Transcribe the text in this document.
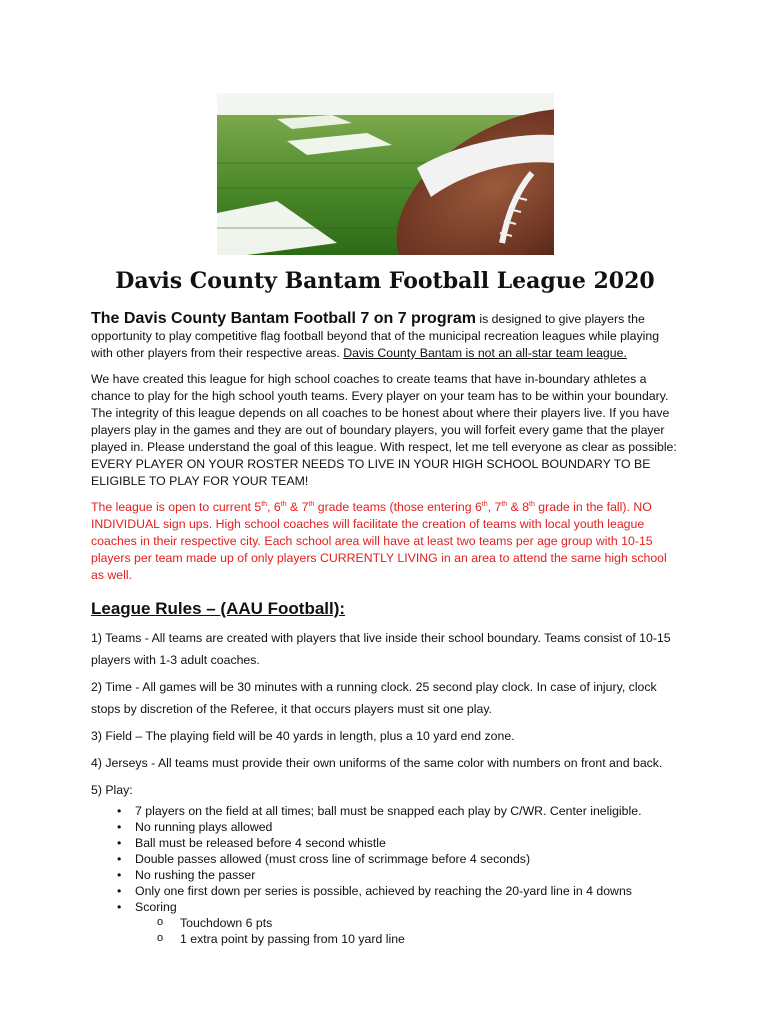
Davis County Bantam Football League 2020

The Davis County Bantam Football 7 on 7 program is designed to give players the opportunity to play competitive flag football beyond that of the municipal recreation leagues while playing with other players from their respective areas. Davis County Bantam is not an all-star team league.

We have created this league for high school coaches to create teams that have in-boundary athletes a chance to play for the high school youth teams. Every player on your team has to be within your boundary. The integrity of this league depends on all coaches to be honest about where their players live. If you have players play in the games and they are out of boundary players, you will forfeit every game that the player played in. Please understand the goal of this league. With respect, let me tell everyone as clear as possible: EVERY PLAYER ON YOUR ROSTER NEEDS TO LIVE IN YOUR HIGH SCHOOL BOUNDARY TO BE ELIGIBLE TO PLAY FOR YOUR TEAM!

The league is open to current 5th, 6th & 7th grade teams (those entering 6th, 7th & 8th grade in the fall). NO INDIVIDUAL sign ups. High school coaches will facilitate the creation of teams with local youth league coaches in their respective city. Each school area will have at least two teams per age group with 10-15 players per team made up of only players CURRENTLY LIVING in an area to attend the same high school as well.

League Rules – (AAU Football):

1) Teams - All teams are created with players that live inside their school boundary. Teams consist of 10-15 players with 1-3 adult coaches.

2) Time - All games will be 30 minutes with a running clock. 25 second play clock. In case of injury, clock stops by discretion of the Referee, it that occurs players must sit one play.

3) Field – The playing field will be 40 yards in length, plus a 10 yard end zone.

4) Jerseys - All teams must provide their own uniforms of the same color with numbers on front and back.

5) Play:

• 7 players on the field at all times; ball must be snapped each play by C/WR. Center ineligible.
• No running plays allowed
• Ball must be released before 4 second whistle
• Double passes allowed (must cross line of scrimmage before 4 seconds)
• No rushing the passer
• Only one first down per series is possible, achieved by reaching the 20-yard line in 4 downs
• Scoring
o Touchdown 6 pts
o 1 extra point by passing from 10 yard line
